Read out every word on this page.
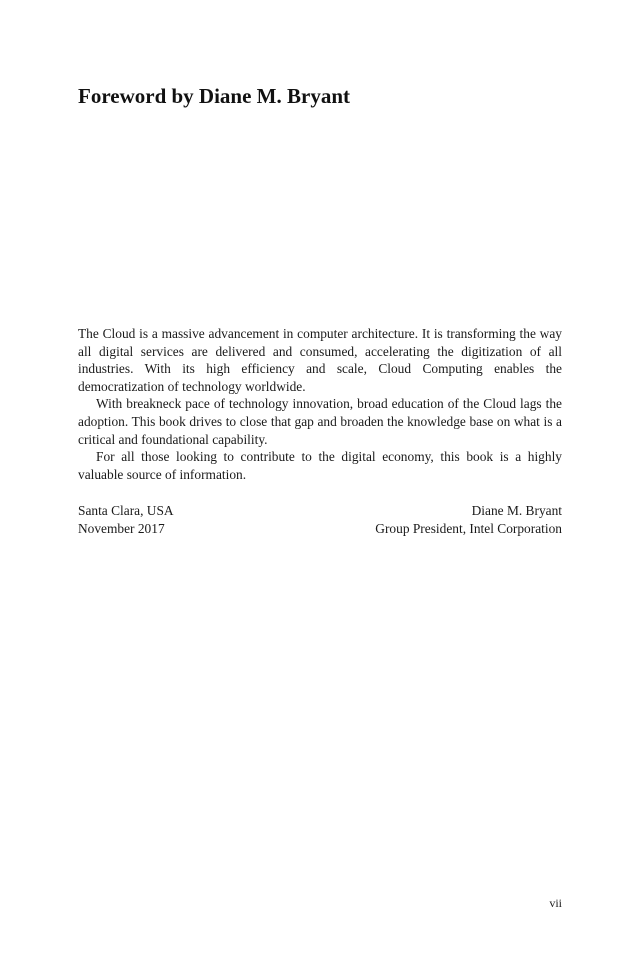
Foreword by Diane M. Bryant

The Cloud is a massive advancement in computer architecture. It is transforming the way all digital services are delivered and consumed, accelerating the digitization of all industries. With its high efficiency and scale, Cloud Computing enables the democratization of technology worldwide.

With breakneck pace of technology innovation, broad education of the Cloud lags the adoption. This book drives to close that gap and broaden the knowledge base on what is a critical and foundational capability.

For all those looking to contribute to the digital economy, this book is a highly valuable source of information.

Santa Clara, USA
November 2017
Diane M. Bryant
Group President, Intel Corporation
vii
